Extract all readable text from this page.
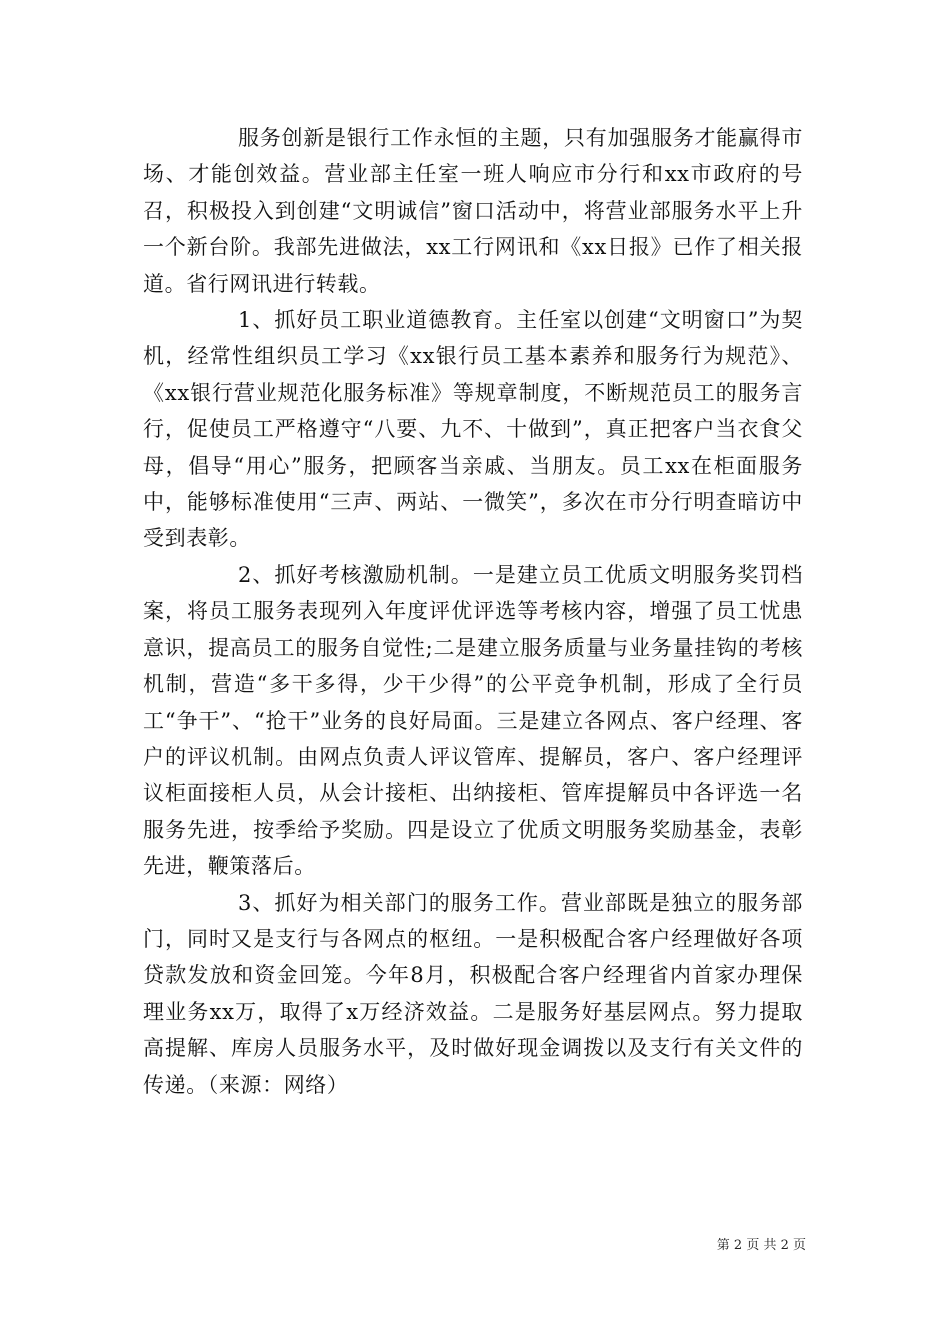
服务创新是银行工作永恒的主题，只有加强服务才能赢得市场、才能创效益。营业部主任室一班人响应市分行和xx市政府的号召，积极投入到创建“文明诚信”窗口活动中，将营业部服务水平上升一个新台阶。我部先进做法，xx工行网讯和《xx日报》已作了相关报道。省行网讯进行转载。

1、抓好员工职业道德教育。主任室以创建“文明窗口”为契机，经常性组织员工学习《xx银行员工基本素养和服务行为规范》、《xx银行营业规范化服务标准》等规章制度，不断规范员工的服务言行，促使员工严格遵守“八要、九不、十做到”，真正把客户当衣食父母，倡导“用心”服务，把顾客当亲戚、当朋友。员工xx在柜面服务中，能够标准使用“三声、两站、一微笑”，多次在市分行明查暗访中受到表彰。

2、抓好考核激励机制。一是建立员工优质文明服务奖罚档案，将员工服务表现列入年度评优评选等考核内容，增强了员工忧患意识，提高员工的服务自觉性;二是建立服务质量与业务量挂钩的考核机制，营造“多干多得，少干少得”的公平竞争机制，形成了全行员工“争干”、“抢干”业务的良好局面。三是建立各网点、客户经理、客户的评议机制。由网点负责人评议管库、提解员，客户、客户经理评议柜面接柜人员，从会计接柜、出纳接柜、管库提解员中各评选一名服务先进，按季给予奖励。四是设立了优质文明服务奖励基金，表彰先进，鞭策落后。

3、抓好为相关部门的服务工作。营业部既是独立的服务部门，同时又是支行与各网点的枢纽。一是积极配合客户经理做好各项贷款发放和资金回笼。今年8月，积极配合客户经理省内首家办理保理业务xx万，取得了x万经济效益。二是服务好基层网点。努力提取高提解、库房人员服务水平，及时做好现金调拨以及支行有关文件的传递。（来源：网络）

第 2 页 共 2 页
